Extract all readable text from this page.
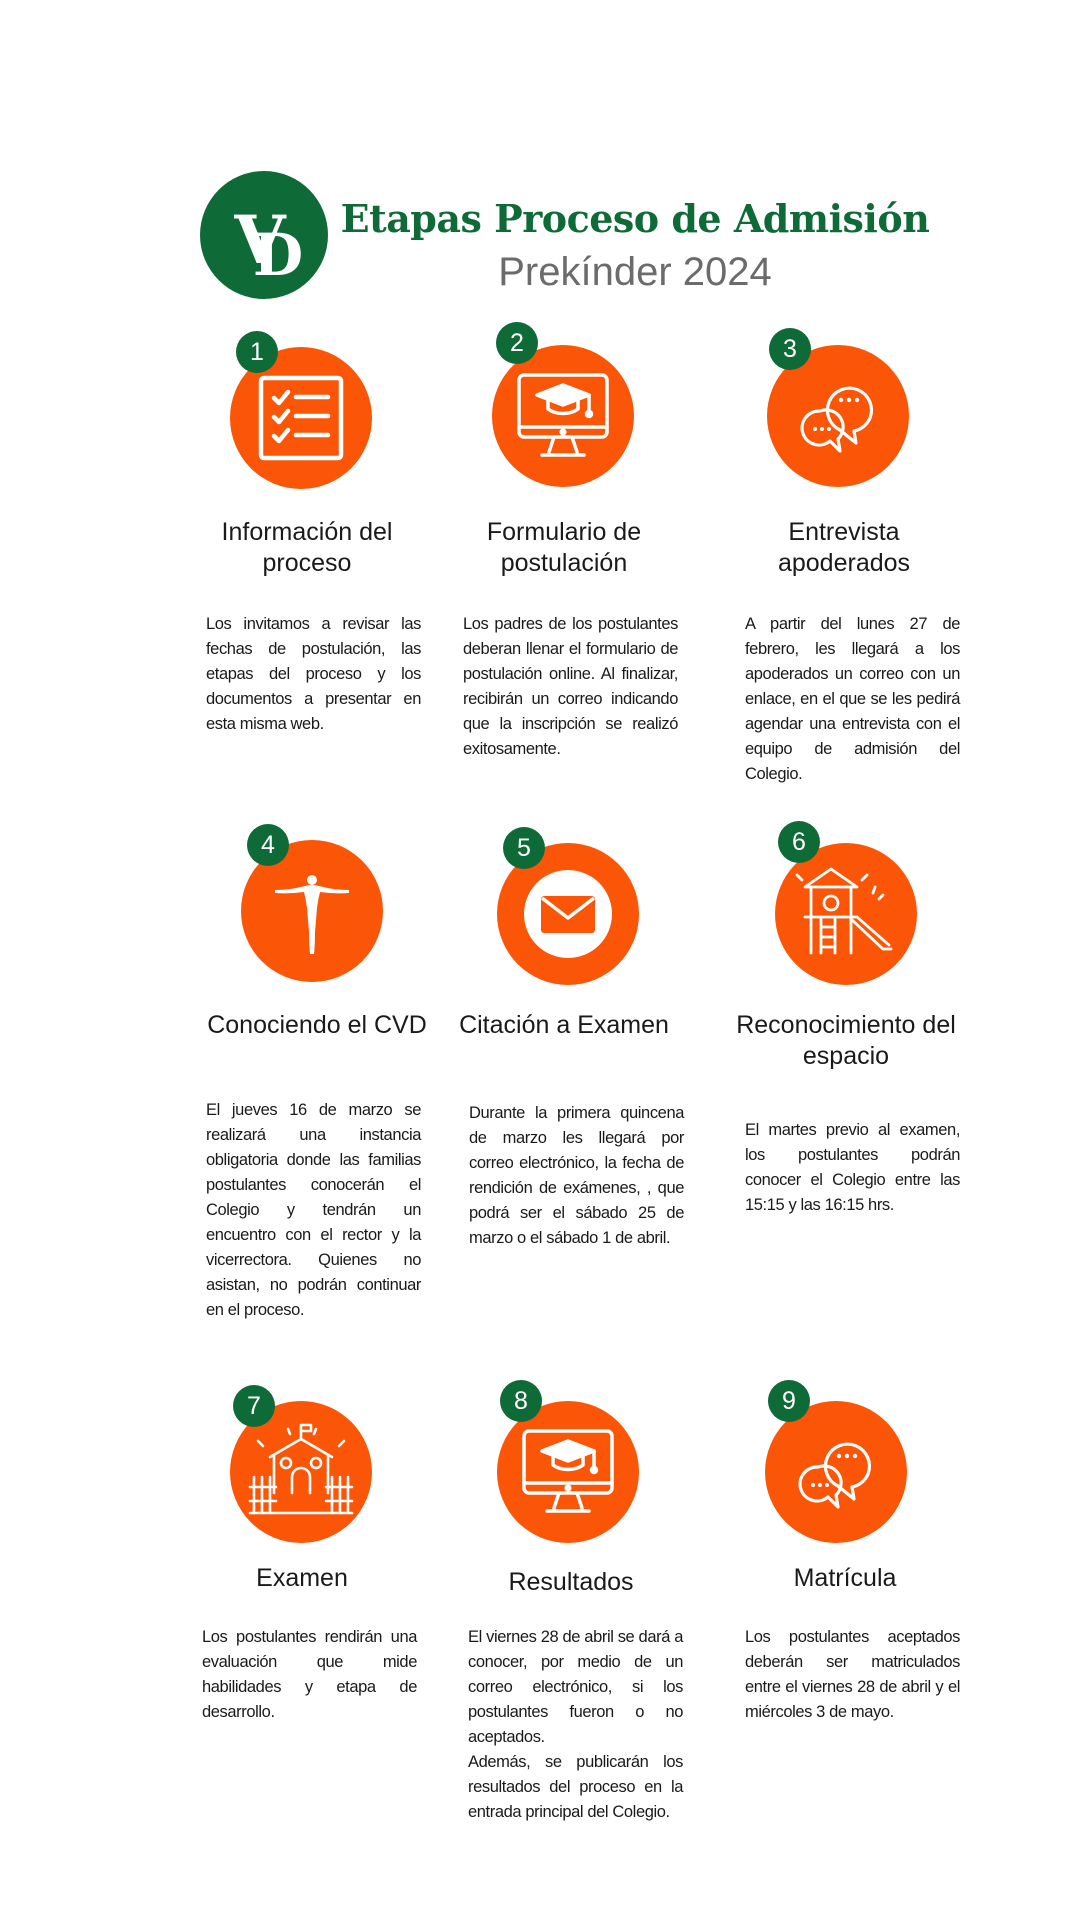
Etapas Proceso de Admisión
Prekínder 2024
1
Información del proceso

Los invitamos a revisar las fechas de postulación, las etapas del proceso y los documentos a presentar en esta misma web.

2
Formulario de postulación

Los padres de los postulantes deberan llenar el formulario de postulación online. Al finalizar, recibirán un correo indicando que la inscripción se realizó exitosamente.

3
Entrevista apoderados

A partir del lunes 27 de febrero, les llegará a los apoderados un correo con un enlace, en el que se les pedirá agendar una entrevista con el equipo de admisión del Colegio.

4
Conociendo el CVD

El jueves 16 de marzo se realizará una instancia obligatoria donde las familias postulantes conocerán el Colegio y tendrán un encuentro con el rector y la vicerrectora. Quienes no asistan, no podrán continuar en el proceso.

5
Citación a Examen

Durante la primera quincena de marzo les llegará por correo electrónico, la fecha de rendición de exámenes, , que podrá ser el sábado 25 de marzo o el sábado 1 de abril.

6
Reconocimiento del espacio

El martes previo al examen, los postulantes podrán conocer el Colegio entre las 15:15 y las 16:15 hrs.

7
Examen

Los postulantes rendirán una evaluación que mide habilidades y etapa de desarrollo.

8
Resultados

El viernes 28 de abril se dará a conocer, por medio de un correo electrónico, si los postulantes fueron o no aceptados.
Además, se publicarán los resultados del proceso en la entrada principal del Colegio.

9
Matrícula

Los postulantes aceptados deberán ser matriculados entre el viernes 28 de abril y el miércoles 3 de mayo.
